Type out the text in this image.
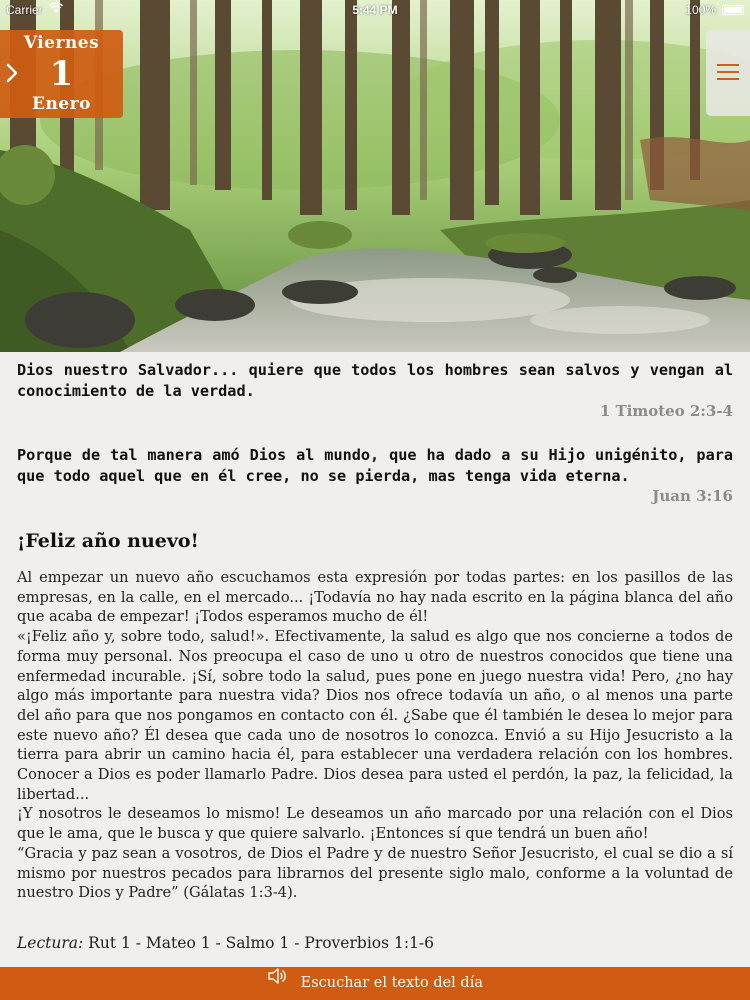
Carrier	5:44 PM	100%
Viernes
1
Enero

Dios nuestro Salvador... quiere que todos los hombres sean salvos y vengan al conocimiento de la verdad.

1 Timoteo 2:3-4

Porque de tal manera amó Dios al mundo, que ha dado a su Hijo unigénito, para que todo aquel que en él cree, no se pierda, mas tenga vida eterna.

Juan 3:16

¡Feliz año nuevo!

Al empezar un nuevo año escuchamos esta expresión por todas partes: en los pasillos de las empresas, en la calle, en el mercado... ¡Todavía no hay nada escrito en la página blanca del año que acaba de empezar! ¡Todos esperamos mucho de él!

«¡Feliz año y, sobre todo, salud!». Efectivamente, la salud es algo que nos concierne a todos de forma muy personal. Nos preocupa el caso de uno u otro de nuestros conocidos que tiene una enfermedad incurable. ¡Sí, sobre todo la salud, pues pone en juego nuestra vida! Pero, ¿no hay algo más importante para nuestra vida? Dios nos ofrece todavía un año, o al menos una parte del año para que nos pongamos en contacto con él. ¿Sabe que él también le desea lo mejor para este nuevo año? Él desea que cada uno de nosotros lo conozca. Envió a su Hijo Jesucristo a la tierra para abrir un camino hacia él, para establecer una verdadera relación con los hombres. Conocer a Dios es poder llamarlo Padre. Dios desea para usted el perdón, la paz, la felicidad, la libertad...

¡Y nosotros le deseamos lo mismo! Le deseamos un año marcado por una relación con el Dios que le ama, que le busca y que quiere salvarlo. ¡Entonces sí que tendrá un buen año!

“Gracia y paz sean a vosotros, de Dios el Padre y de nuestro Señor Jesucristo, el cual se dio a sí mismo por nuestros pecados para librarnos del presente siglo malo, conforme a la voluntad de nuestro Dios y Padre” (Gálatas 1:3-4).

Lectura: Rut 1 - Mateo 1 - Salmo 1 - Proverbios 1:1-6
Escuchar el texto del día
